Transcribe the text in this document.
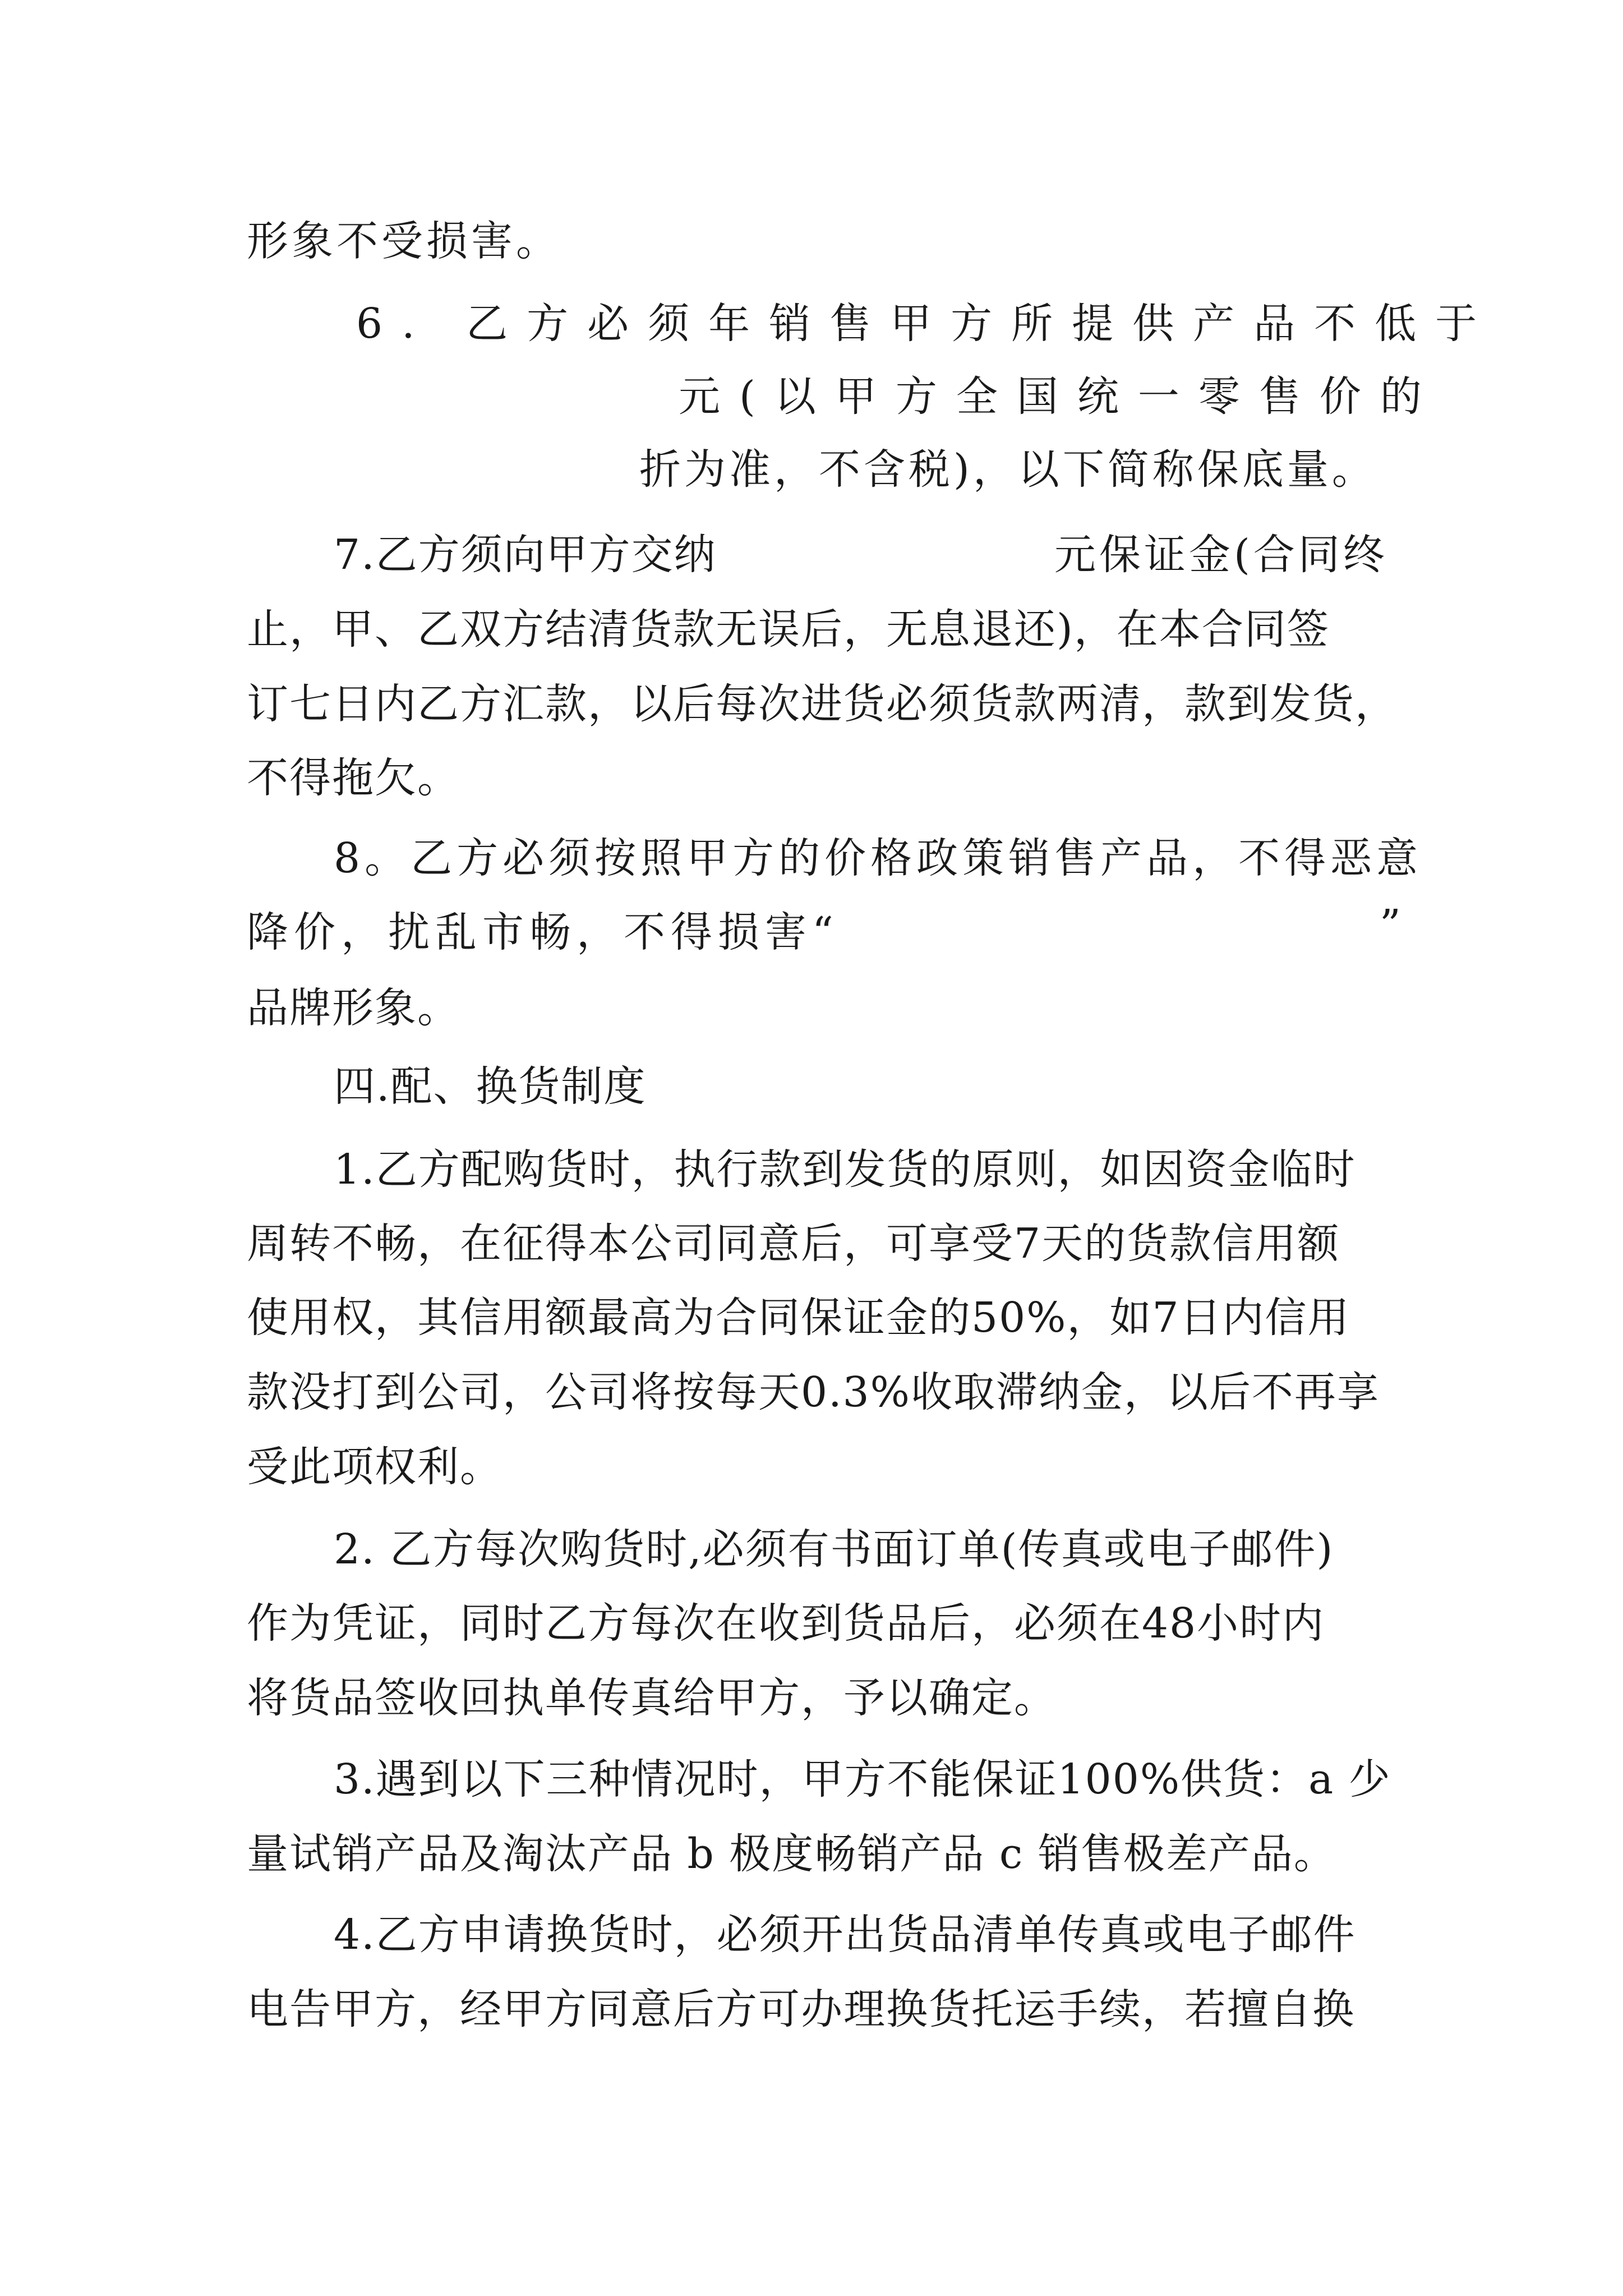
形象不受损害。
6. 乙方必须年销售甲方所提供产品不低于
元(以甲方全国统一零售价的
折为准，不含税)，以下简称保底量。
7.乙方须向甲方交纳	元保证金(合同终
止，甲、乙双方结清货款无误后，无息退还)，在本合同签
订七日内乙方汇款，以后每次进货必须货款两清，款到发货，
不得拖欠。
8。乙方必须按照甲方的价格政策销售产品，不得恶意
降价，扰乱市畅，不得损害“	”
品牌形象。
四.配、换货制度
1.乙方配购货时，执行款到发货的原则，如因资金临时
周转不畅，在征得本公司同意后，可享受7天的货款信用额
使用权，其信用额最高为合同保证金的50%，如7日内信用
款没打到公司，公司将按每天0.3%收取滞纳金，以后不再享
受此项权利。
2. 乙方每次购货时,必须有书面订单(传真或电子邮件)
作为凭证，同时乙方每次在收到货品后，必须在48小时内
将货品签收回执单传真给甲方，予以确定。
3.遇到以下三种情况时，甲方不能保证100%供货：a 少
量试销产品及淘汰产品 b 极度畅销产品 c 销售极差产品。
4.乙方申请换货时，必须开出货品清单传真或电子邮件
电告甲方，经甲方同意后方可办理换货托运手续，若擅自换
